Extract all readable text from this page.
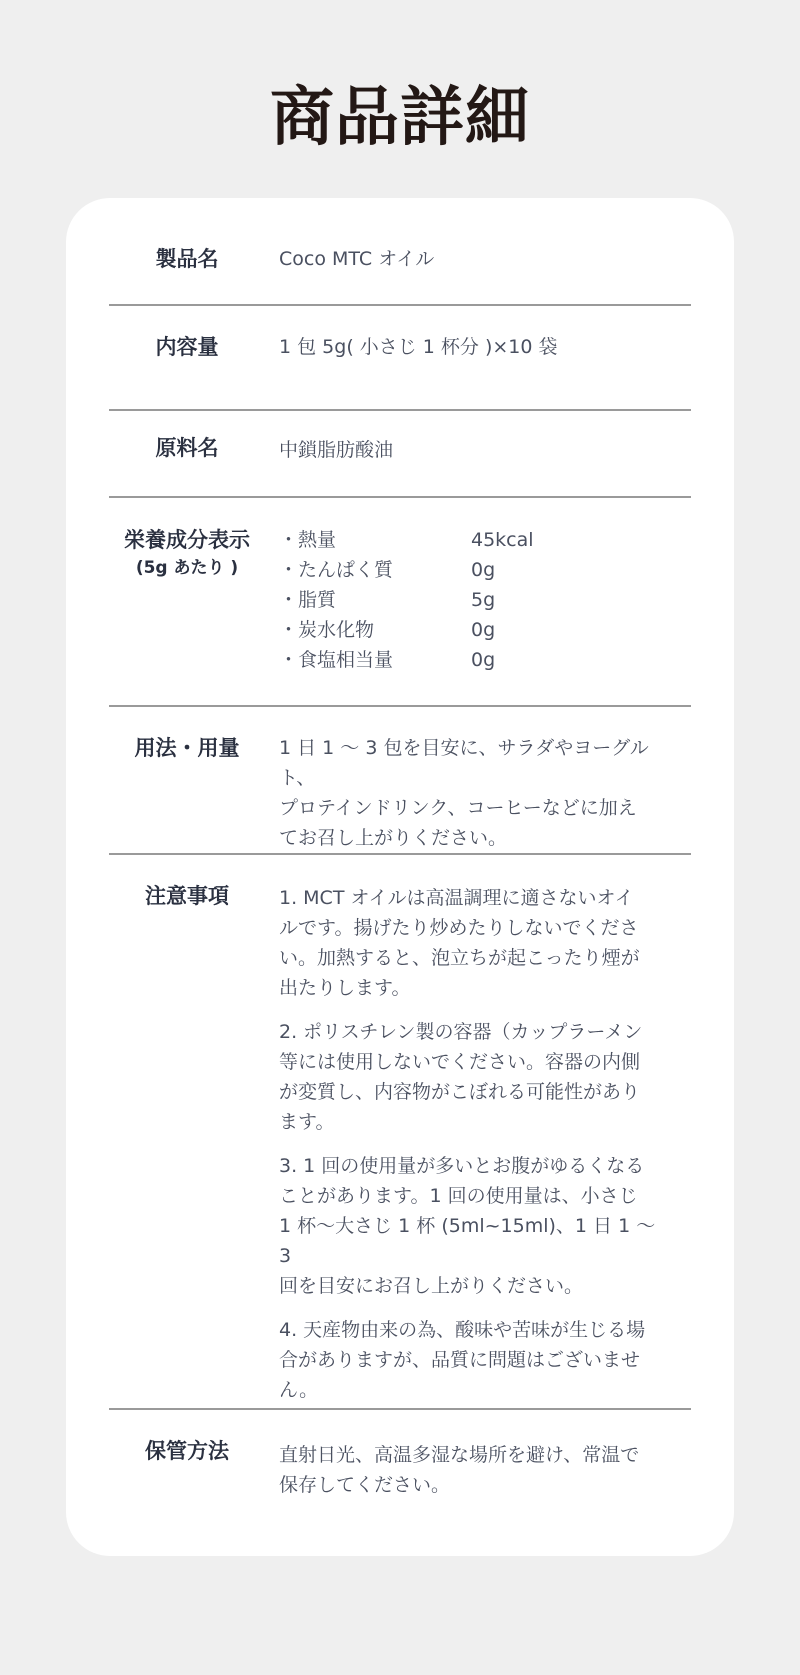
商品詳細
製品名	Coco MTC オイル
内容量	1 包 5g( 小さじ 1 杯分 )×10 袋
原料名	中鎖脂肪酸油
栄養成分表示
(5g あたり )
・熱量	45kcal
・たんぱく質	0g
・脂質	5g
・炭水化物	0g
・食塩相当量	0g
用法・用量	1 日 1 〜 3 包を目安に、サラダやヨーグルト、
プロテインドリンク、コーヒーなどに加え
てお召し上がりください。
注意事項	1. MCT オイルは高温調理に適さないオイ
ルです。揚げたり炒めたりしないでくださ
い。加熱すると、泡立ちが起こったり煙が
出たりします。

2. ポリスチレン製の容器（カップラーメン
等には使用しないでください。容器の内側
が変質し、内容物がこぼれる可能性があり
ます。

3. 1 回の使用量が多いとお腹がゆるくなる
ことがあります。1 回の使用量は、小さじ
1 杯〜大さじ 1 杯 (5ml~15ml)、1 日 1 〜 3
回を目安にお召し上がりください。

4. 天産物由来の為、酸味や苦味が生じる場
合がありますが、品質に問題はございませ
ん。

保管方法	直射日光、高温多湿な場所を避け、常温で
保存してください。
